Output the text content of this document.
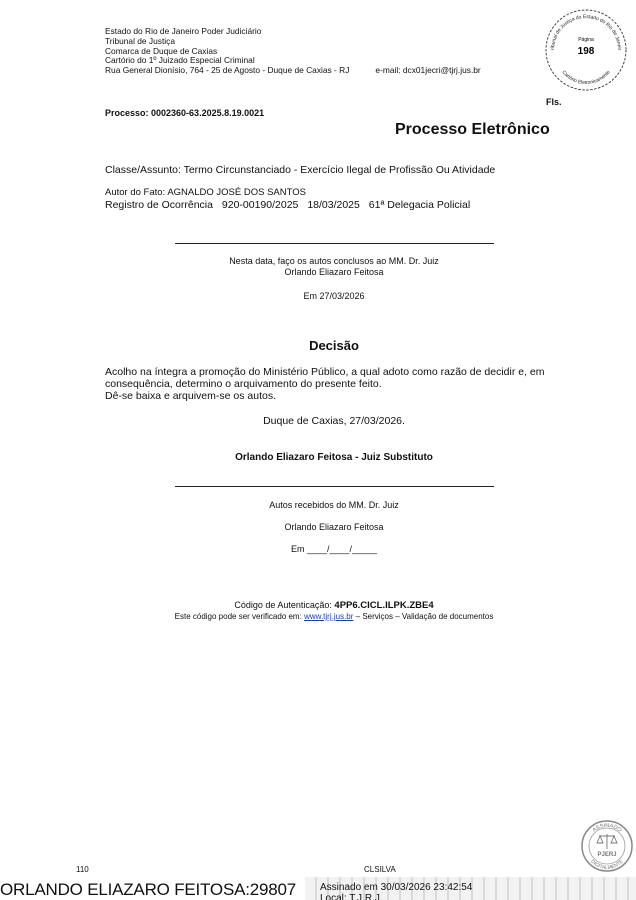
Estado do Rio de Janeiro Poder Judiciário
Tribunal de Justiça
Comarca de Duque de Caxias
Cartório do 1º Juizado Especial Criminal
Rua General Dionísio, 764 - 25 de Agosto - Duque de Caxias - RJ	e-mail: dcx01jecri@tjrj.jus.br
ribunal de Justiça do Estado do Rio de Janeir
Cartório Eletronicamente
Página
198
Fls.
Processo: 0002360-63.2025.8.19.0021
Processo Eletrônico
Classe/Assunto: Termo Circunstanciado - Exercício Ilegal de Profissão Ou Atividade
Autor do Fato: AGNALDO JOSÉ DOS SANTOS
Registro de Ocorrência 920-00190/2025 18/03/2025 61ª Delegacia Policial
Nesta data, faço os autos conclusos ao MM. Dr. Juiz
Orlando Eliazaro Feitosa
Em 27/03/2026
Decisão
Acolho na íntegra a promoção do Ministério Público, a qual adoto como razão de decidir e, em consequência, determino o arquivamento do presente feito.
Dê-se baixa e arquivem-se os autos.
Duque de Caxias, 27/03/2026.
Orlando Eliazaro Feitosa - Juiz Substituto
Autos recebidos do MM. Dr. Juiz
Orlando Eliazaro Feitosa
Em ____/____/_____
Código de Autenticação: 4PP6.CICL.ILPK.ZBE4
Este código pode ser verificado em: www.tjrj.jus.br – Serviços – Validação de documentos
ASSINADO
DIGITALMENTE
PJERJ
110	CLSILVA
ORLANDO ELIAZARO FEITOSA:29807 Assinado em 30/03/2026 23:42:54
Local: T.J.R.J.
